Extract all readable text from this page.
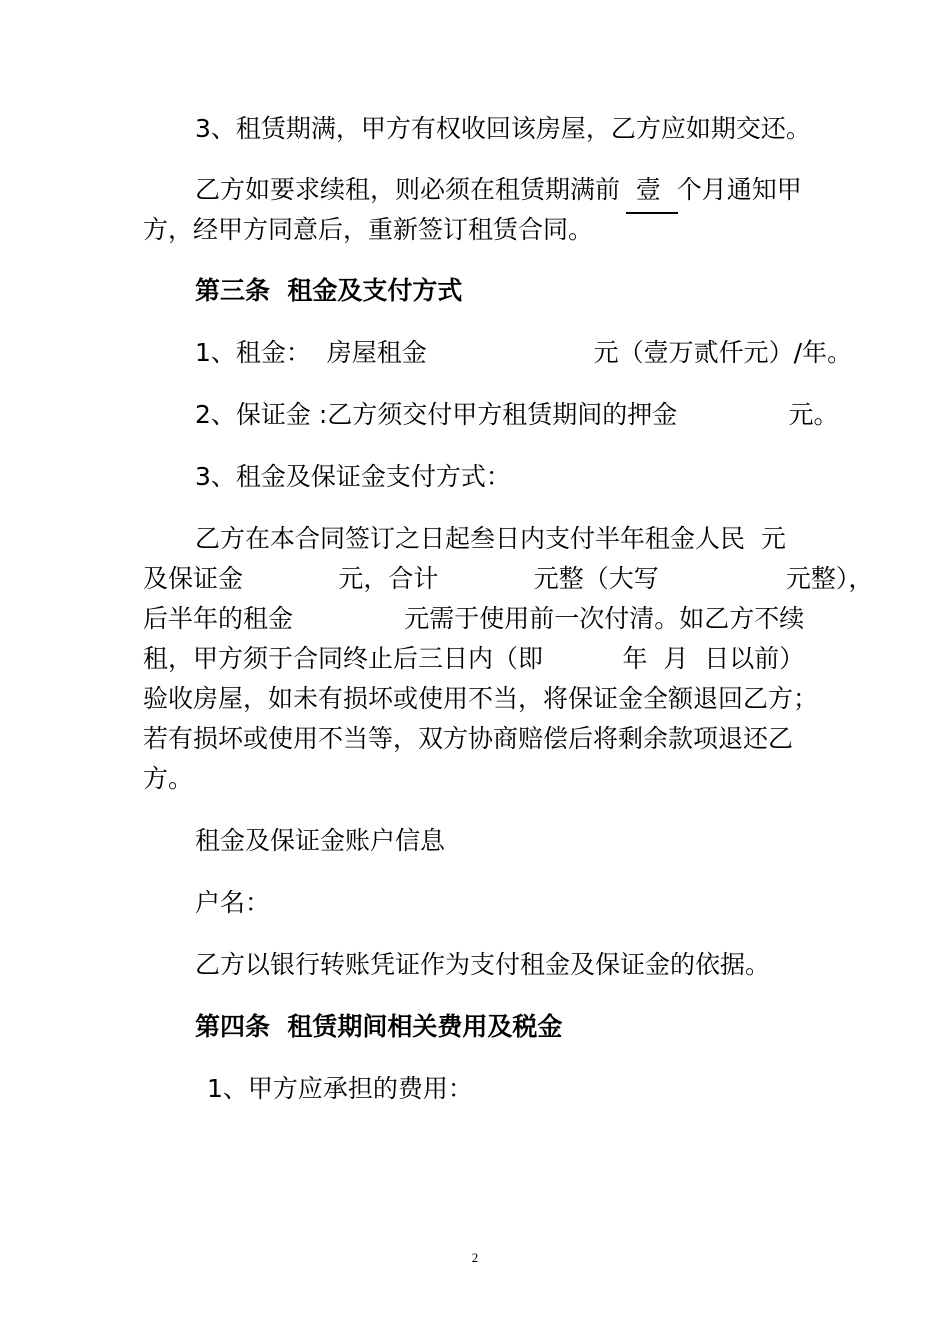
3、租赁期满，甲方有权收回该房屋，乙方应如期交还。
乙方如要求续租，则必须在租赁期满前  壹  个月通知甲
方，经甲方同意后，重新签订租赁合同。
第三条  租金及支付方式
1、租金：  房屋租金                     元（壹万贰仟元）/年。
2、保证金 :乙方须交付甲方租赁期间的押金              元。
3、租金及保证金支付方式：
乙方在本合同签订之日起叁日内支付半年租金人民  元
及保证金            元，合计            元整（大写                元整），
后半年的租金              元需于使用前一次付清。如乙方不续
租，甲方须于合同终止后三日内（即          年  月  日以前）
验收房屋，如未有损坏或使用不当，将保证金全额退回乙方；
若有损坏或使用不当等，双方协商赔偿后将剩余款项退还乙
方。
租金及保证金账户信息
户名：
乙方以银行转账凭证作为支付租金及保证金的依据。
第四条  租赁期间相关费用及税金
1、甲方应承担的费用：
2
